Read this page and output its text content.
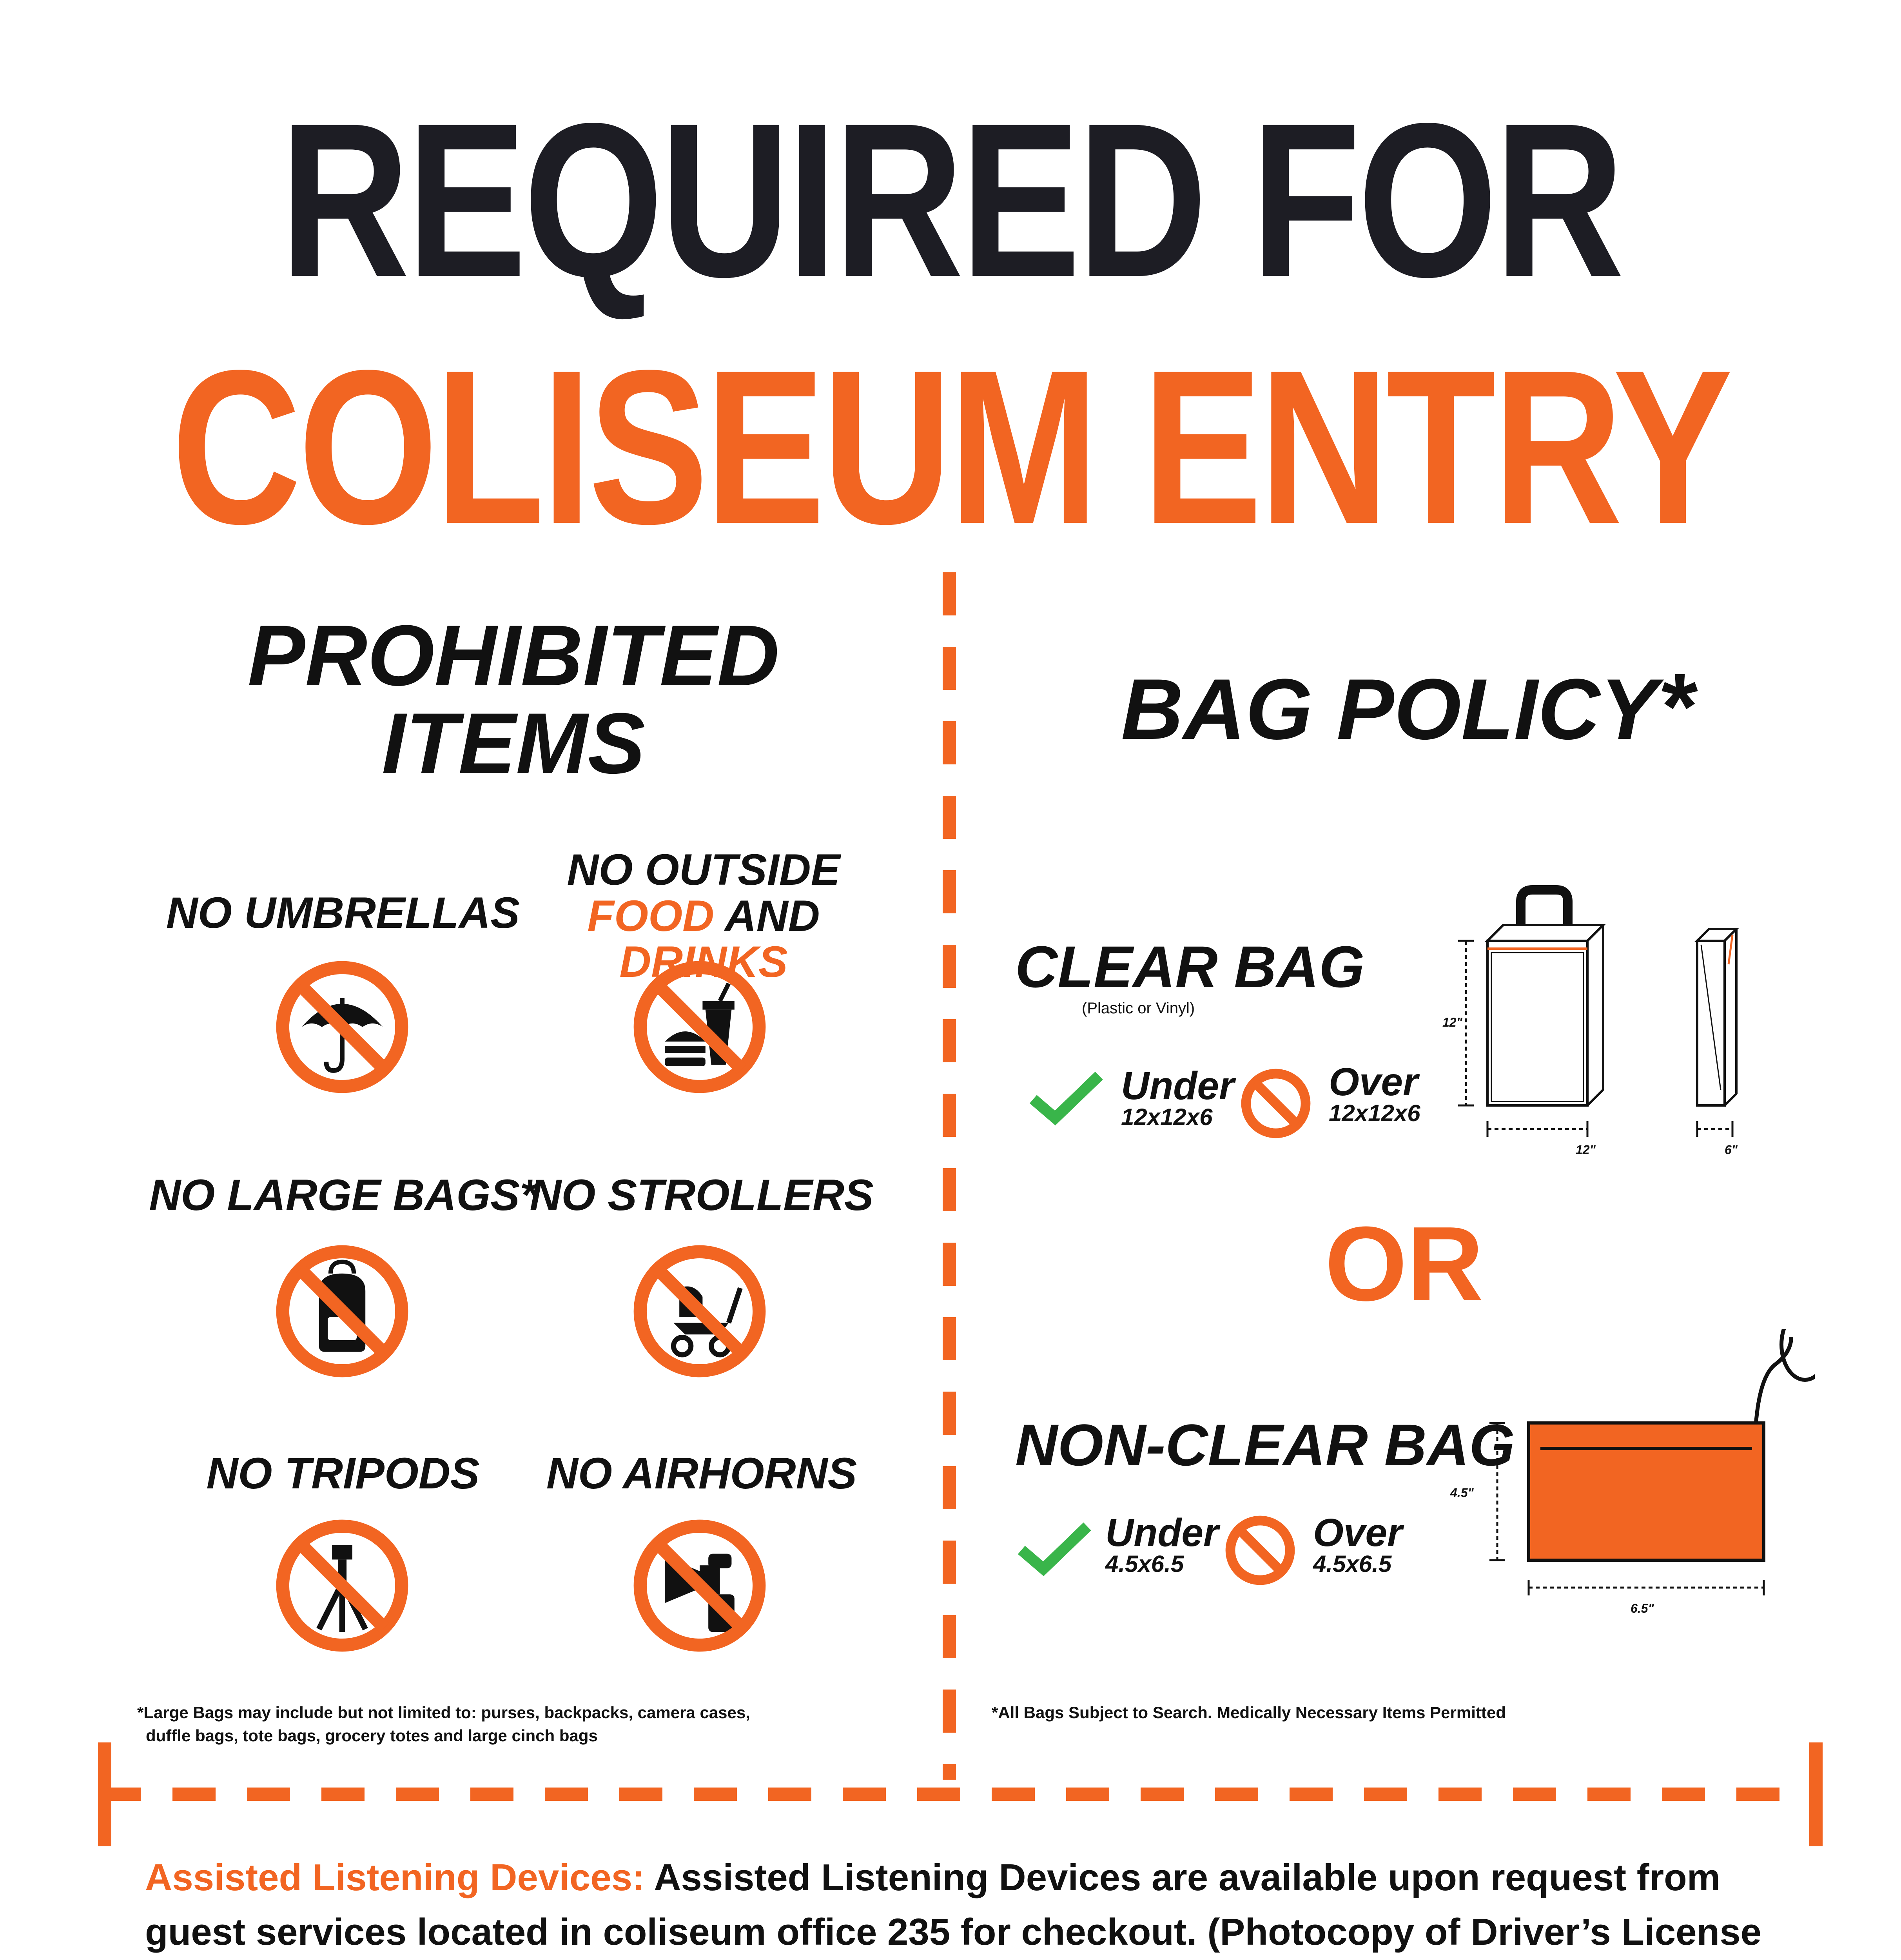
REQUIRED FOR
COLISEUM ENTRY
PROHIBITED
ITEMS
NO UMBRELLAS
NO OUTSIDE
FOOD AND DRINKS
NO LARGE BAGS*
NO STROLLERS
NO TRIPODS	NO AIRHORNS
*Large Bags may include but not limited to: purses, backpacks, camera cases,
duffle bags, tote bags, grocery totes and large cinch bags
BAG POLICY*
CLEAR BAG
(Plastic or Vinyl)
Under
12x12x6
Over
12x12x6
12"
12"	6"
OR
NON-CLEAR BAG
Under
4.5x6.5
Over
4.5x6.5
4.5"
6.5"
*All Bags Subject to Search. Medically Necessary Items Permitted
Assisted Listening Devices: Assisted Listening Devices are available upon request from guest services located in coliseum office 235 for checkout. (Photocopy of Driver’s License
